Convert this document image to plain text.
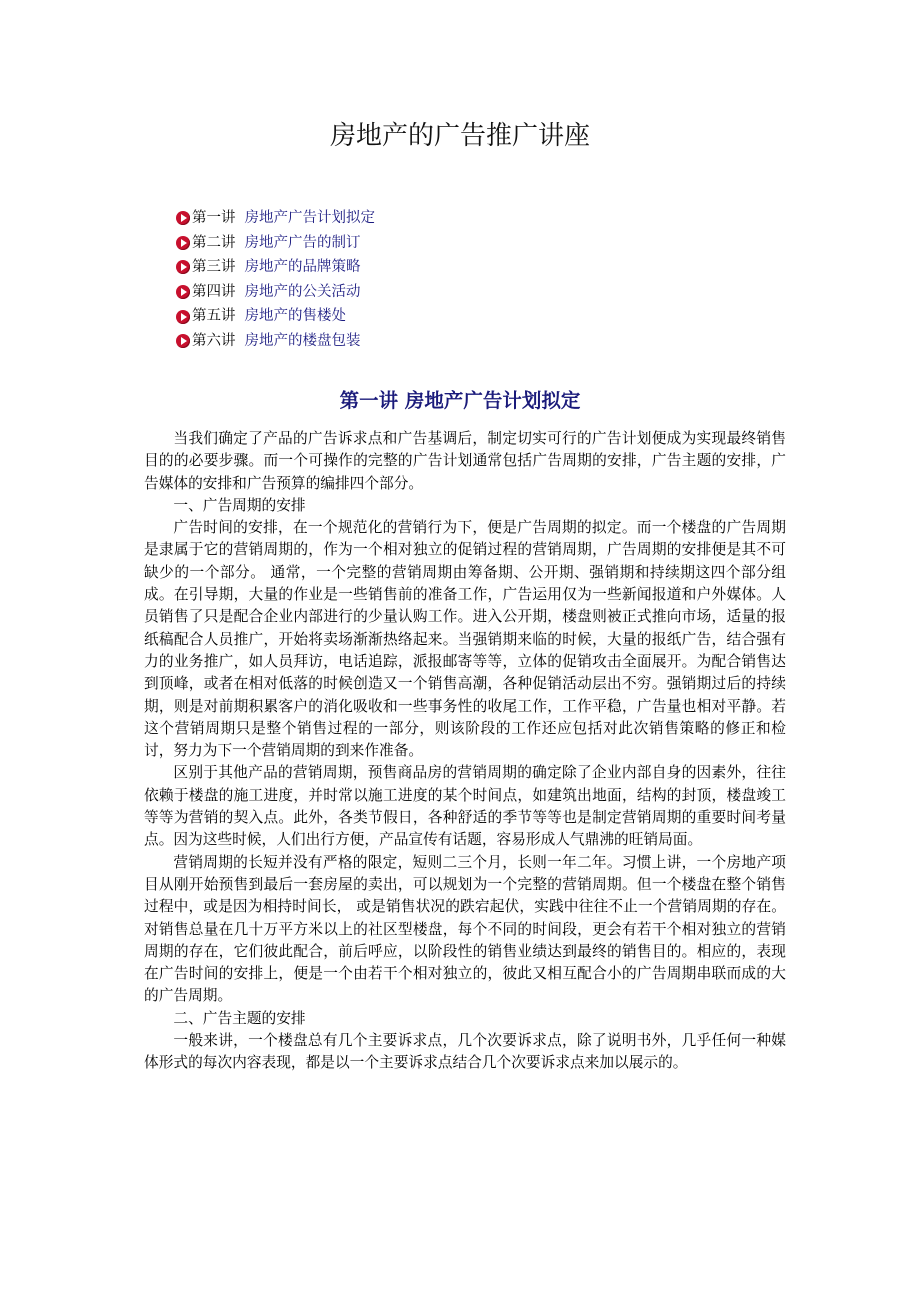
房地产的广告推广讲座
第一讲 房地产广告计划拟定
第二讲 房地产广告的制订
第三讲 房地产的品牌策略
第四讲 房地产的公关活动
第五讲 房地产的售楼处
第六讲 房地产的楼盘包装
第一讲 房地产广告计划拟定

当我们确定了产品的广告诉求点和广告基调后，制定切实可行的广告计划便成为实现最终销售目的的必要步骤。而一个可操作的完整的广告计划通常包括广告周期的安排，广告主题的安排，广告媒体的安排和广告预算的编排四个部分。

一、广告周期的安排

广告时间的安排，在一个规范化的营销行为下，便是广告周期的拟定。而一个楼盘的广告周期是隶属于它的营销周期的，作为一个相对独立的促销过程的营销周期，广告周期的安排便是其不可缺少的一个部分。 通常，一个完整的营销周期由筹备期、公开期、强销期和持续期这四个部分组成。在引导期，大量的作业是一些销售前的准备工作，广告运用仅为一些新闻报道和户外媒体。人员销售了只是配合企业内部进行的少量认购工作。进入公开期，楼盘则被正式推向市场，适量的报纸稿配合人员推广，开始将卖场渐渐热络起来。当强销期来临的时候，大量的报纸广告，结合强有力的业务推广，如人员拜访，电话追踪，派报邮寄等等，立体的促销攻击全面展开。为配合销售达到顶峰，或者在相对低落的时候创造又一个销售高潮，各种促销活动层出不穷。强销期过后的持续期，则是对前期积累客户的消化吸收和一些事务性的收尾工作，工作平稳，广告量也相对平静。若这个营销周期只是整个销售过程的一部分，则该阶段的工作还应包括对此次销售策略的修正和检讨，努力为下一个营销周期的到来作准备。

区别于其他产品的营销周期，预售商品房的营销周期的确定除了企业内部自身的因素外，往往依赖于楼盘的施工进度，并时常以施工进度的某个时间点，如建筑出地面，结构的封顶，楼盘竣工等等为营销的契入点。此外，各类节假日，各种舒适的季节等等也是制定营销周期的重要时间考量点。因为这些时候，人们出行方便，产品宣传有话题，容易形成人气鼎沸的旺销局面。

营销周期的长短并没有严格的限定，短则二三个月，长则一年二年。习惯上讲，一个房地产项目从刚开始预售到最后一套房屋的卖出，可以规划为一个完整的营销周期。但一个楼盘在整个销售过程中，或是因为相持时间长， 或是销售状况的跌宕起伏，实践中往往不止一个营销周期的存在。对销售总量在几十万平方米以上的社区型楼盘，每个不同的时间段，更会有若干个相对独立的营销周期的存在，它们彼此配合，前后呼应，以阶段性的销售业绩达到最终的销售目的。相应的，表现在广告时间的安排上，便是一个由若干个相对独立的，彼此又相互配合小的广告周期串联而成的大的广告周期。

二、广告主题的安排

一般来讲，一个楼盘总有几个主要诉求点，几个次要诉求点，除了说明书外，几乎任何一种媒体形式的每次内容表现，都是以一个主要诉求点结合几个次要诉求点来加以展示的。
